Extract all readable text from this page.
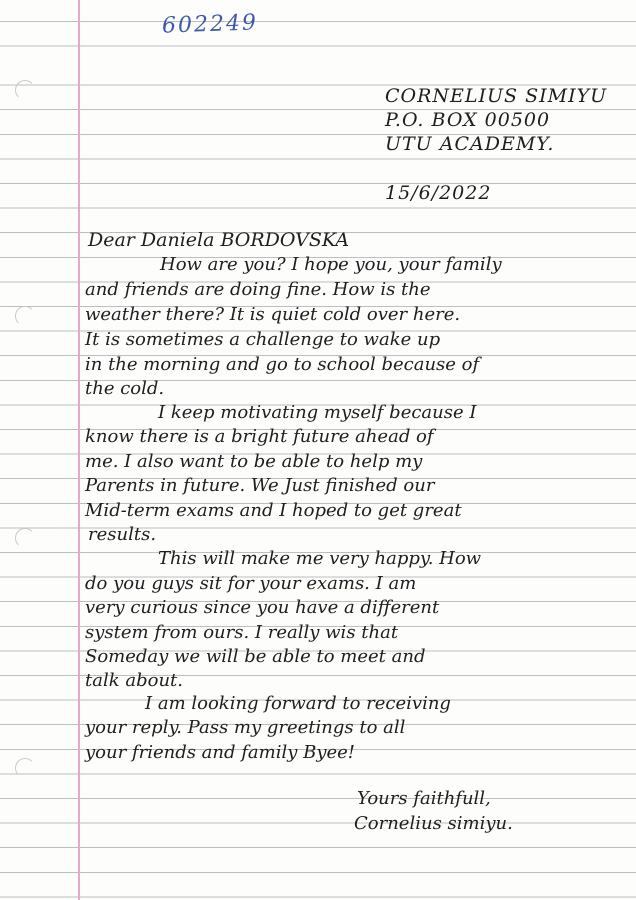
602249

CORNELIUS SIMIYU

P.O. BOX 00500

UTU ACADEMY.

15/6/2022

Dear Daniela BORDOVSKA

How are you? I hope you, your family

and friends are doing fine. How is the

weather there? It is quiet cold over here.

It is sometimes a challenge to wake up

in the morning and go to school because of

the cold.

I keep motivating myself because I

know there is a bright future ahead of

me. I also want to be able to help my

Parents in future. We Just finished our

Mid-term exams and I hoped to get great

results.

This will make me very happy. How

do you guys sit for your exams. I am

very curious since you have a different

system from ours. I really wis that

Someday we will be able to meet and

talk about.

I am looking forward to receiving

your reply. Pass my greetings to all

your friends and family Byee!

Yours faithfull,

Cornelius simiyu.
